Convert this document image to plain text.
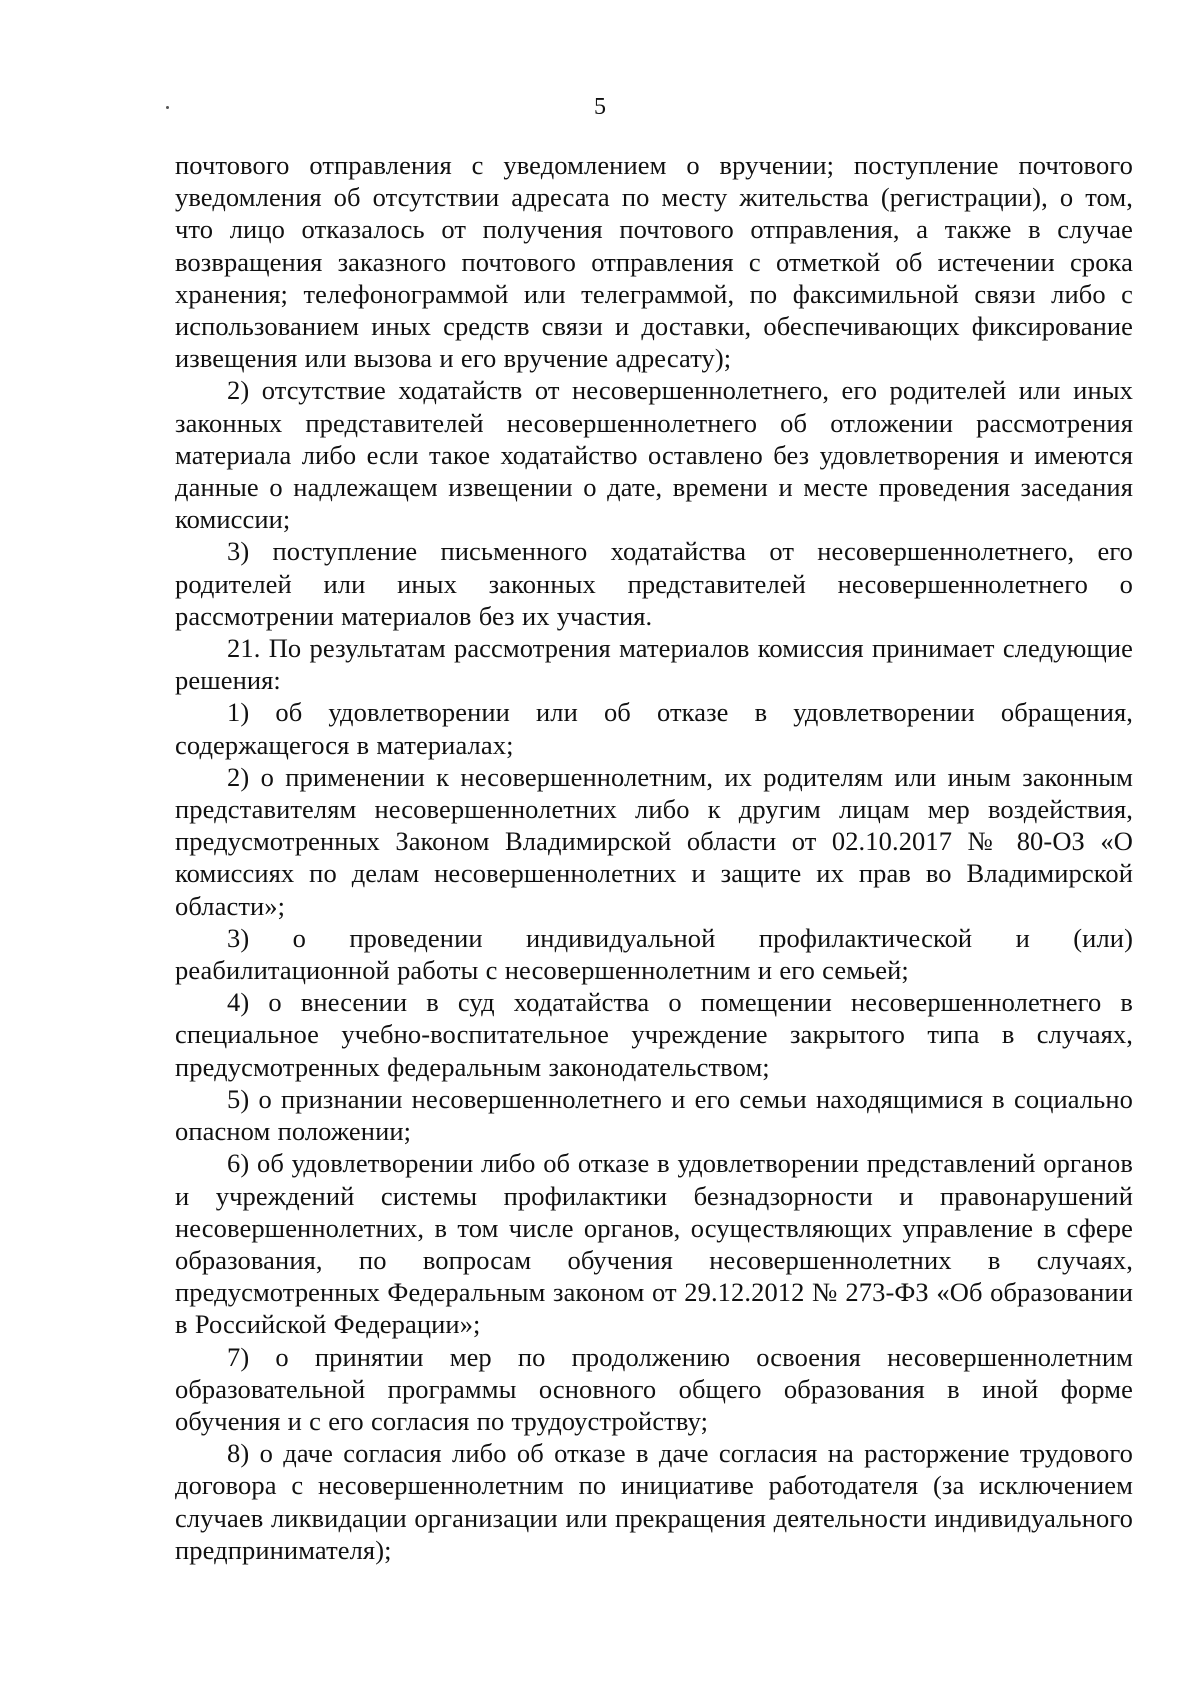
5

почтового отправления с уведомлением о вручении; поступление почтового уведомления об отсутствии адресата по месту жительства (регистрации), о том, что лицо отказалось от получения почтового отправления, а также в случае возвращения заказного почтового отправления с отметкой об истечении срока хранения; телефонограммой или телеграммой, по факсимильной связи либо с использованием иных средств связи и доставки, обеспечивающих фиксирование извещения или вызова и его вручение адресату);

2) отсутствие ходатайств от несовершеннолетнего, его родителей или иных законных представителей несовершеннолетнего об отложении рассмотрения материала либо если такое ходатайство оставлено без удовлетворения и имеются данные о надлежащем извещении о дате, времени и месте проведения заседания комиссии;

3) поступление письменного ходатайства от несовершеннолетнего, его родителей или иных законных представителей несовершеннолетнего о рассмотрении материалов без их участия.

21. По результатам рассмотрения материалов комиссия принимает следующие решения:

1) об удовлетворении или об отказе в удовлетворении обращения, содержащегося в материалах;

2) о применении к несовершеннолетним, их родителям или иным законным представителям несовершеннолетних либо к другим лицам мер воздействия, предусмотренных Законом Владимирской области от 02.10.2017 № 80-ОЗ «О комиссиях по делам несовершеннолетних и защите их прав во Владимирской области»;

3) о проведении индивидуальной профилактической и (или) реабилитационной работы с несовершеннолетним и его семьей;

4) о внесении в суд ходатайства о помещении несовершеннолетнего в специальное учебно-воспитательное учреждение закрытого типа в случаях, предусмотренных федеральным законодательством;

5) о признании несовершеннолетнего и его семьи находящимися в социально опасном положении;

6) об удовлетворении либо об отказе в удовлетворении представлений органов и учреждений системы профилактики безнадзорности и правонарушений несовершеннолетних, в том числе органов, осуществляющих управление в сфере образования, по вопросам обучения несовершеннолетних в случаях, предусмотренных Федеральным законом от 29.12.2012 № 273-ФЗ «Об образовании в Российской Федерации»;

7) о принятии мер по продолжению освоения несовершеннолетним образовательной программы основного общего образования в иной форме обучения и с его согласия по трудоустройству;

8) о даче согласия либо об отказе в даче согласия на расторжение трудового договора с несовершеннолетним по инициативе работодателя (за исключением случаев ликвидации организации или прекращения деятельности индивидуального предпринимателя);
